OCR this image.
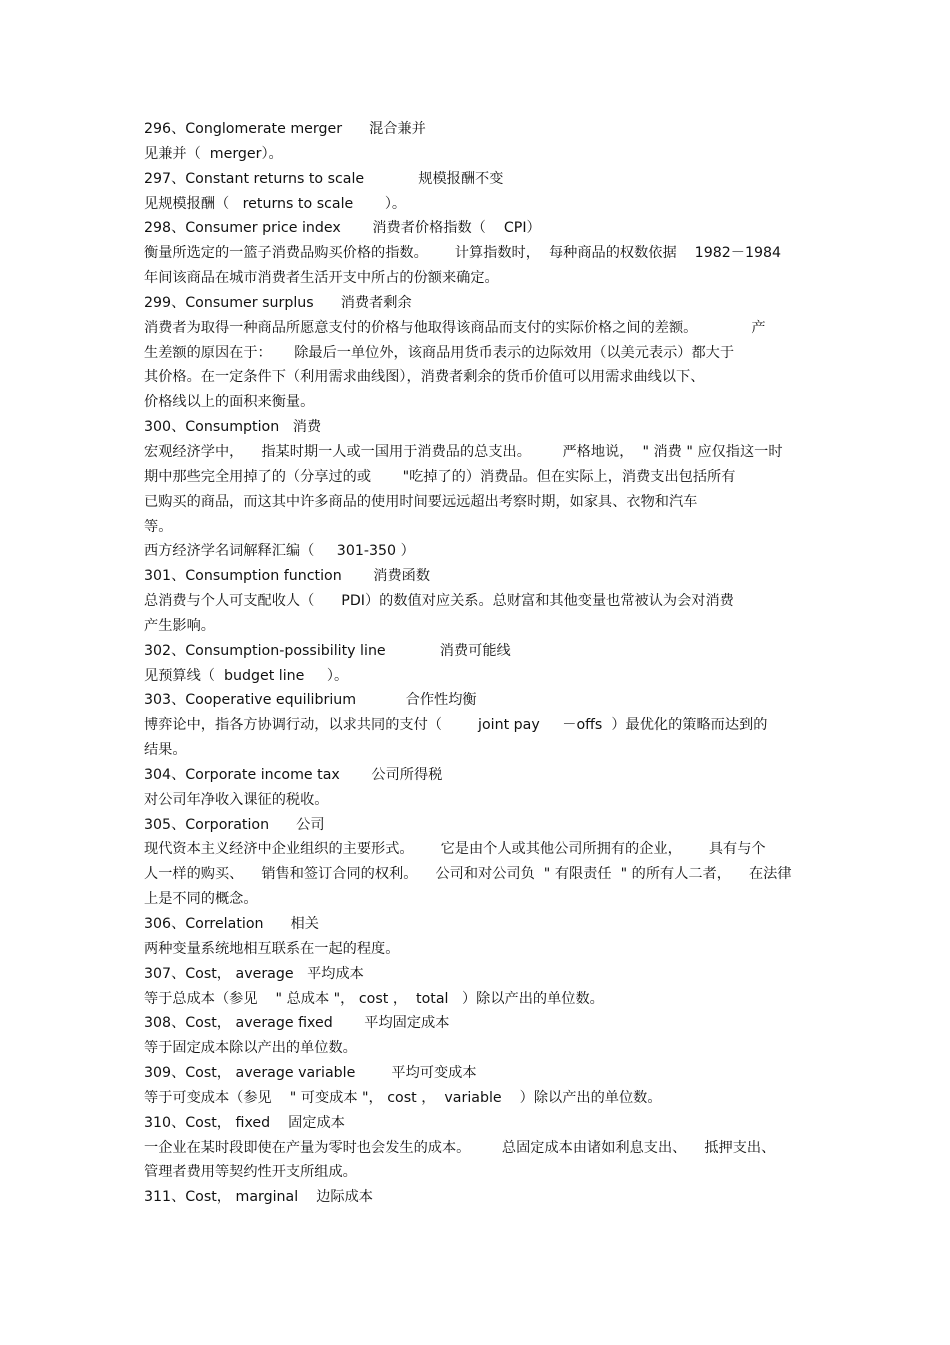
296、Conglomerate merger      混合兼并
见兼并（  merger）。
297、Constant returns to scale            规模报酬不变
见规模报酬（   returns to scale       ）。
298、Consumer price index       消费者价格指数（    CPI）
衡量所选定的一篮子消费品购买价格的指数。      计算指数时，  每种商品的权数依据    1982－1984
年间该商品在城市消费者生活开支中所占的份额来确定。
299、Consumer surplus      消费者剩余
消费者为取得一种商品所愿意支付的价格与他取得该商品而支付的实际价格之间的差额。            产
生差额的原因在于：     除最后一单位外，该商品用货币表示的边际效用（以美元表示）都大于
其价格。在一定条件下（利用需求曲线图），消费者剩余的货币价值可以用需求曲线以下、
价格线以上的面积来衡量。
300、Consumption   消费
宏观经济学中，    指某时期一人或一国用于消费品的总支出。       严格地说，  " 消费 " 应仅指这一时
期中那些完全用掉了的（分享过的或       "吃掉了的）消费品。但在实际上，消费支出包括所有
已购买的商品，而这其中许多商品的使用时间要远远超出考察时期，如家具、衣物和汽车
等。
西方经济学名词解释汇编（     301-350 ）
301、Consumption function       消费函数
总消费与个人可支配收人（      PDI）的数值对应关系。总财富和其他变量也常被认为会对消费
产生影响。
302、Consumption-possibility line            消费可能线
见预算线（  budget line     ）。
303、Cooperative equilibrium           合作性均衡
博弈论中，指各方协调行动，以求共同的支付（        joint pay     －offs  ）最优化的策略而达到的
结果。
304、Corporate income tax       公司所得税
对公司年净收入课征的税收。
305、Corporation      公司
现代资本主义经济中企业组织的主要形式。      它是由个人或其他公司所拥有的企业，      具有与个
人一样的购买、    销售和签订合同的权利。    公司和对公司负  " 有限责任  " 的所有人二者，    在法律
上是不同的概念。
306、Correlation      相关
两种变量系统地相互联系在一起的程度。
307、Cost， average   平均成本
等于总成本（参见    " 总成本 "， cost ，  total   ）除以产出的单位数。
308、Cost， average fixed       平均固定成本
等于固定成本除以产出的单位数。
309、Cost， average variable        平均可变成本
等于可变成本（参见    " 可变成本 "， cost ，  variable    ）除以产出的单位数。
310、Cost， fixed    固定成本
一企业在某时段即使在产量为零时也会发生的成本。       总固定成本由诸如利息支出、    抵押支出、
管理者费用等契约性开支所组成。
311、Cost， marginal    边际成本
